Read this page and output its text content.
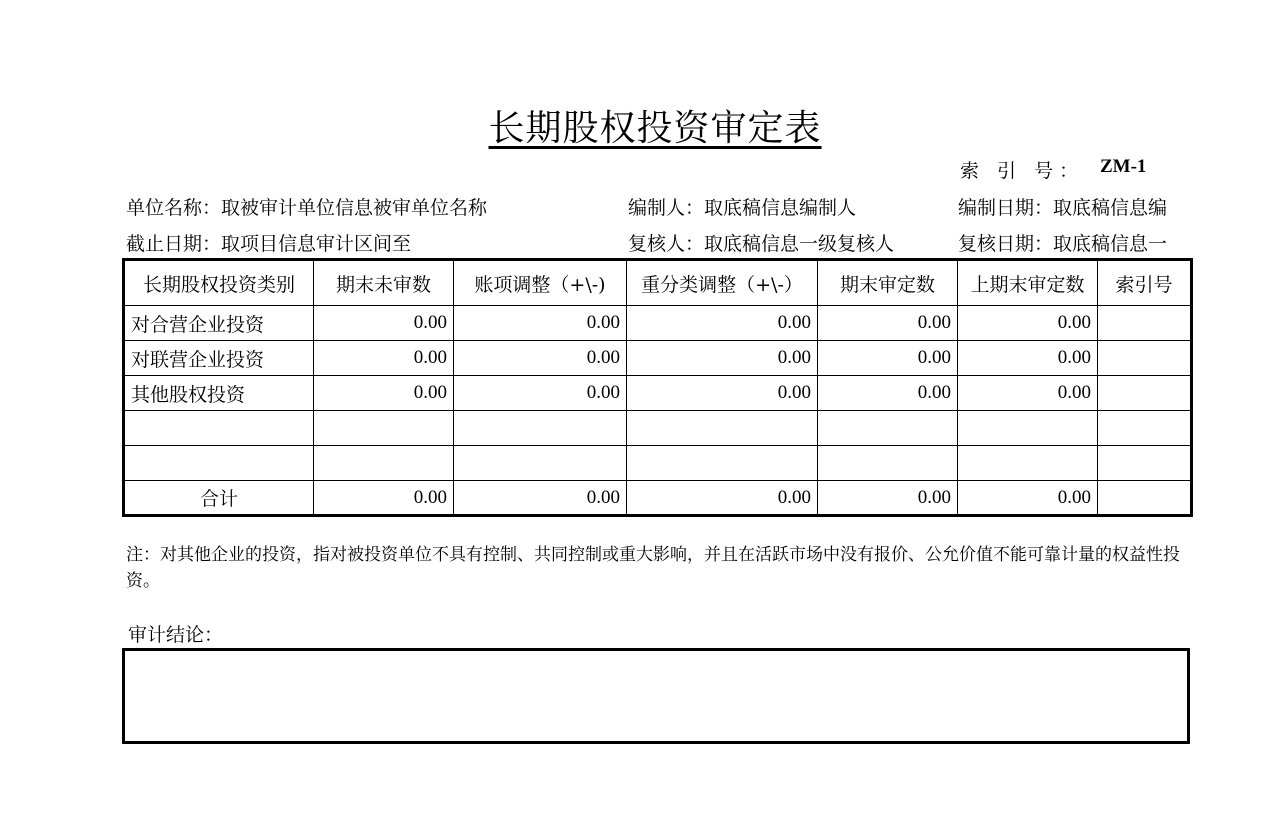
长期股权投资审定表
索 引 号： ZM-1
单位名称：取被审计单位信息被审单位名称	编制人：取底稿信息编制人	编制日期：取底稿信息编
截止日期：取项目信息审计区间至	复核人：取底稿信息一级复核人	复核日期：取底稿信息一
长期股权投资类别	期末未审数	账项调整（+\-)	重分类调整（+\-）	期末审定数	上期末审定数	索引号
对合营企业投资	0.00	0.00	0.00	0.00	0.00	
对联营企业投资	0.00	0.00	0.00	0.00	0.00	
其他股权投资	0.00	0.00	0.00	0.00	0.00	

合计	0.00	0.00	0.00	0.00	0.00	
注：对其他企业的投资，指对被投资单位不具有控制、共同控制或重大影响，并且在活跃市场中没有报价、公允价值不能可靠计量的权益性投资。
审计结论：
